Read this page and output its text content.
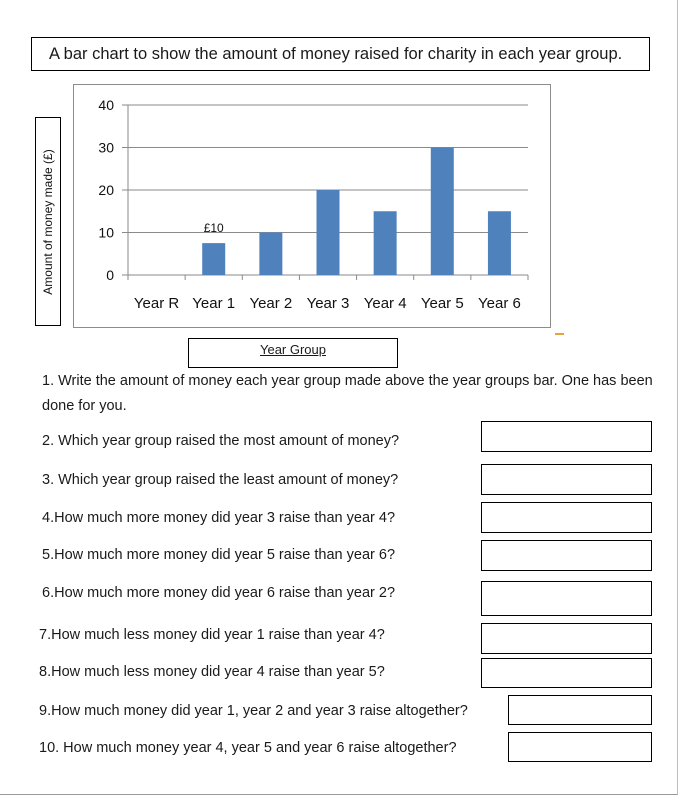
A bar chart to show the amount of money raised for charity in each year group.
Amount of money made (£)	0
10
20
30
40
Year R Year 1 Year 2 Year 3 Year 4 Year 5 Year 6
£10
Year Group
1. Write the amount of money each year group made above the year groups bar. One has been done for you.
2. Which year group raised the most amount of money?
3. Which year group raised the least amount of money?
4.How much more money did year 3 raise than year 4?
5.How much more money did year 5 raise than year 6?
6.How much more money did year 6 raise than year 2?
7.How much less money did year 1 raise than year 4?
8.How much less money did year 4 raise than year 5?
9.How much money did year 1, year 2 and year 3 raise altogether?
10. How much money year 4, year 5 and year 6 raise altogether?
